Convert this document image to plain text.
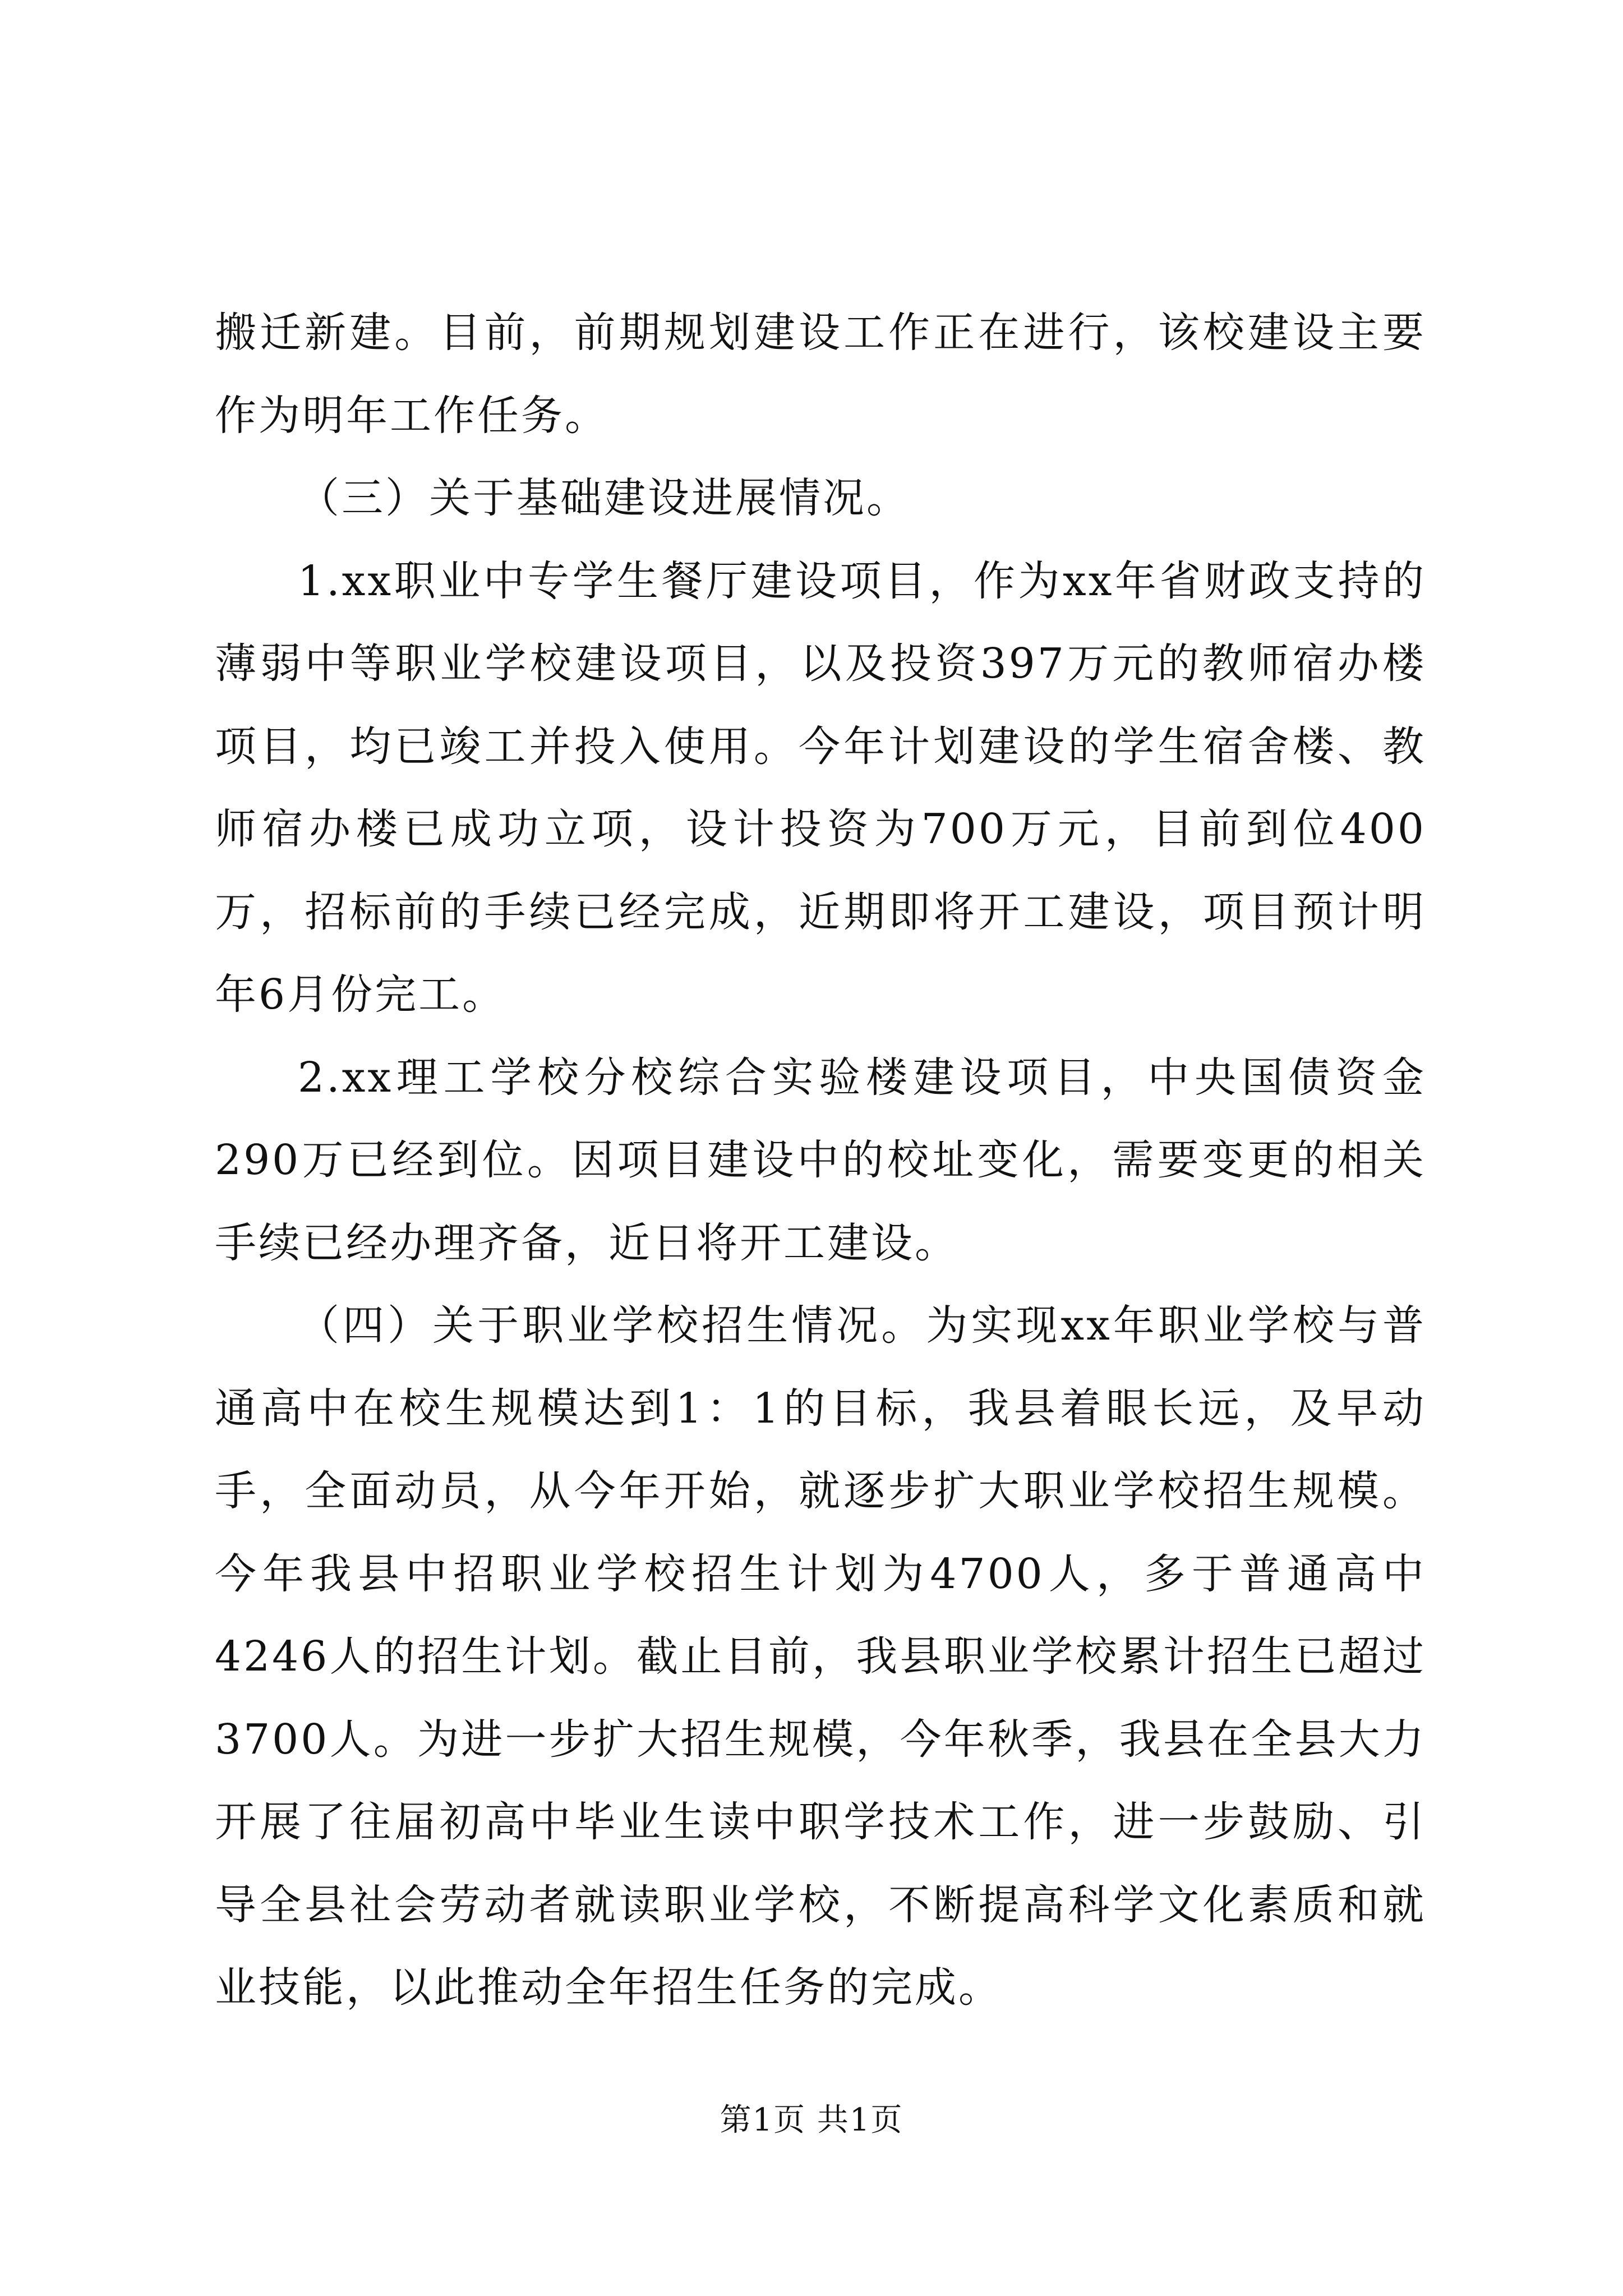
搬迁新建。目前，前期规划建设工作正在进行，该校建设主要作为明年工作任务。

（三）关于基础建设进展情况。

1.xx职业中专学生餐厅建设项目，作为xx年省财政支持的薄弱中等职业学校建设项目，以及投资397万元的教师宿办楼项目，均已竣工并投入使用。今年计划建设的学生宿舍楼、教师宿办楼已成功立项，设计投资为700万元，目前到位400万，招标前的手续已经完成，近期即将开工建设，项目预计明年6月份完工。

2.xx理工学校分校综合实验楼建设项目，中央国债资金290万已经到位。因项目建设中的校址变化，需要变更的相关手续已经办理齐备，近日将开工建设。

（四）关于职业学校招生情况。为实现xx年职业学校与普通高中在校生规模达到1：1的目标，我县着眼长远，及早动手，全面动员，从今年开始，就逐步扩大职业学校招生规模。今年我县中招职业学校招生计划为4700人，多于普通高中4246人的招生计划。截止目前，我县职业学校累计招生已超过3700人。为进一步扩大招生规模，今年秋季，我县在全县大力开展了往届初高中毕业生读中职学技术工作，进一步鼓励、引导全县社会劳动者就读职业学校，不断提高科学文化素质和就业技能，以此推动全年招生任务的完成。

第1页 共1页
